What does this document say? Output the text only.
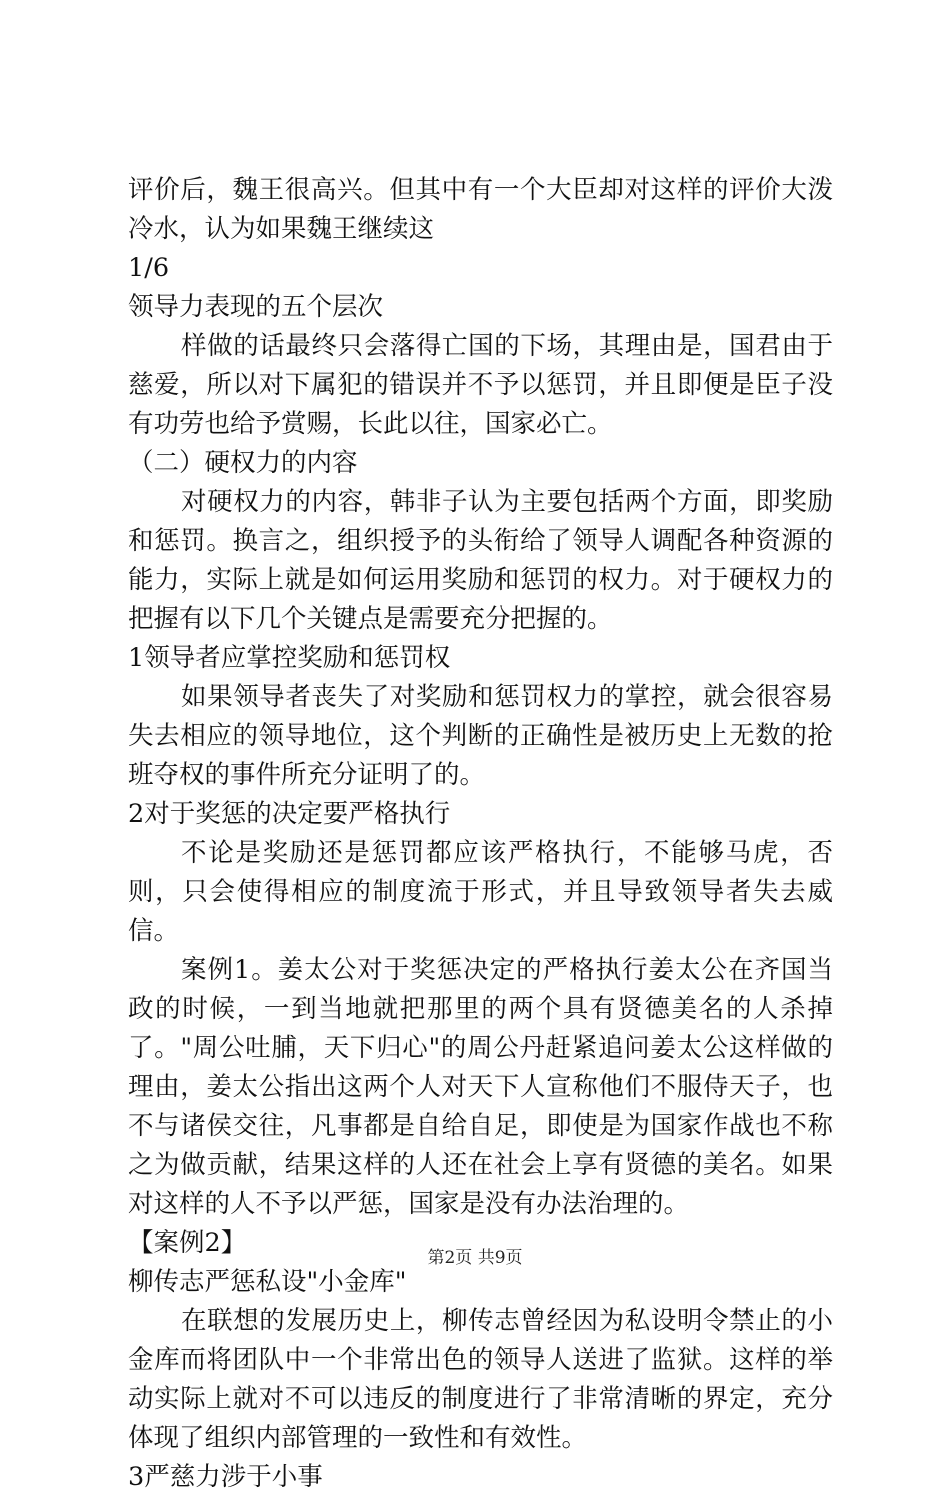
评价后，魏王很高兴。但其中有一个大臣却对这样的评价大泼冷水，认为如果魏王继续这

1/6

领导力表现的五个层次

样做的话最终只会落得亡国的下场，其理由是，国君由于慈爱，所以对下属犯的错误并不予以惩罚，并且即便是臣子没有功劳也给予赏赐，长此以往，国家必亡。

（二）硬权力的内容

对硬权力的内容，韩非子认为主要包括两个方面，即奖励和惩罚。换言之，组织授予的头衔给了领导人调配各种资源的能力，实际上就是如何运用奖励和惩罚的权力。对于硬权力的把握有以下几个关键点是需要充分把握的。

1领导者应掌控奖励和惩罚权

如果领导者丧失了对奖励和惩罚权力的掌控，就会很容易失去相应的领导地位，这个判断的正确性是被历史上无数的抢班夺权的事件所充分证明了的。

2对于奖惩的决定要严格执行

不论是奖励还是惩罚都应该严格执行，不能够马虎，否则，只会使得相应的制度流于形式，并且导致领导者失去威信。

案例1。姜太公对于奖惩决定的严格执行姜太公在齐国当政的时候，一到当地就把那里的两个具有贤德美名的人杀掉了。"周公吐脯，天下归心"的周公丹赶紧追问姜太公这样做的理由，姜太公指出这两个人对天下人宣称他们不服侍天子，也不与诸侯交往，凡事都是自给自足，即使是为国家作战也不称之为做贡献，结果这样的人还在社会上享有贤德的美名。如果对这样的人不予以严惩，国家是没有办法治理的。

【案例2】

柳传志严惩私设"小金库"

在联想的发展历史上，柳传志曾经因为私设明令禁止的小金库而将团队中一个非常出色的领导人送进了监狱。这样的举动实际上就对不可以违反的制度进行了非常清晰的界定，充分体现了组织内部管理的一致性和有效性。

3严慈力涉于小事

第2页 共9页
